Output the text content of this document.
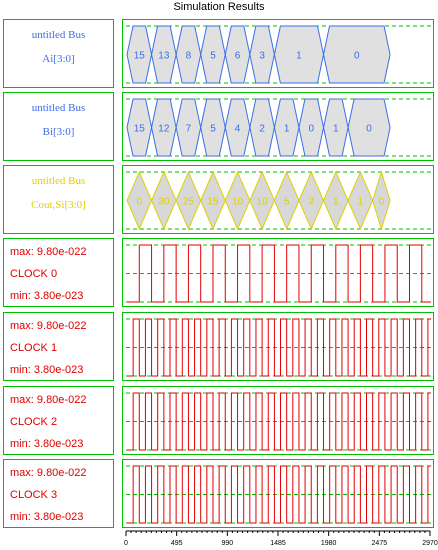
Simulation Results
untitled Bus
Ai[3:0]	15 13 8 5 6 3	1	0
untitled Bus
Bi[3:0]	15 12 7 5 4 2 1 0 1	0
untitled Bus
Cout,Si[3:0]	0 30 25 15 10 10 5 2 1 1 0
max: 9.80e-022
CLOCK 0
min: 3.80e-023
max: 9.80e-022
CLOCK 1
min: 3.80e-023
max: 9.80e-022
CLOCK 2
min: 3.80e-023
max: 9.80e-022
CLOCK 3
min: 3.80e-023
0	495	990	1485	1980	2475	2970
